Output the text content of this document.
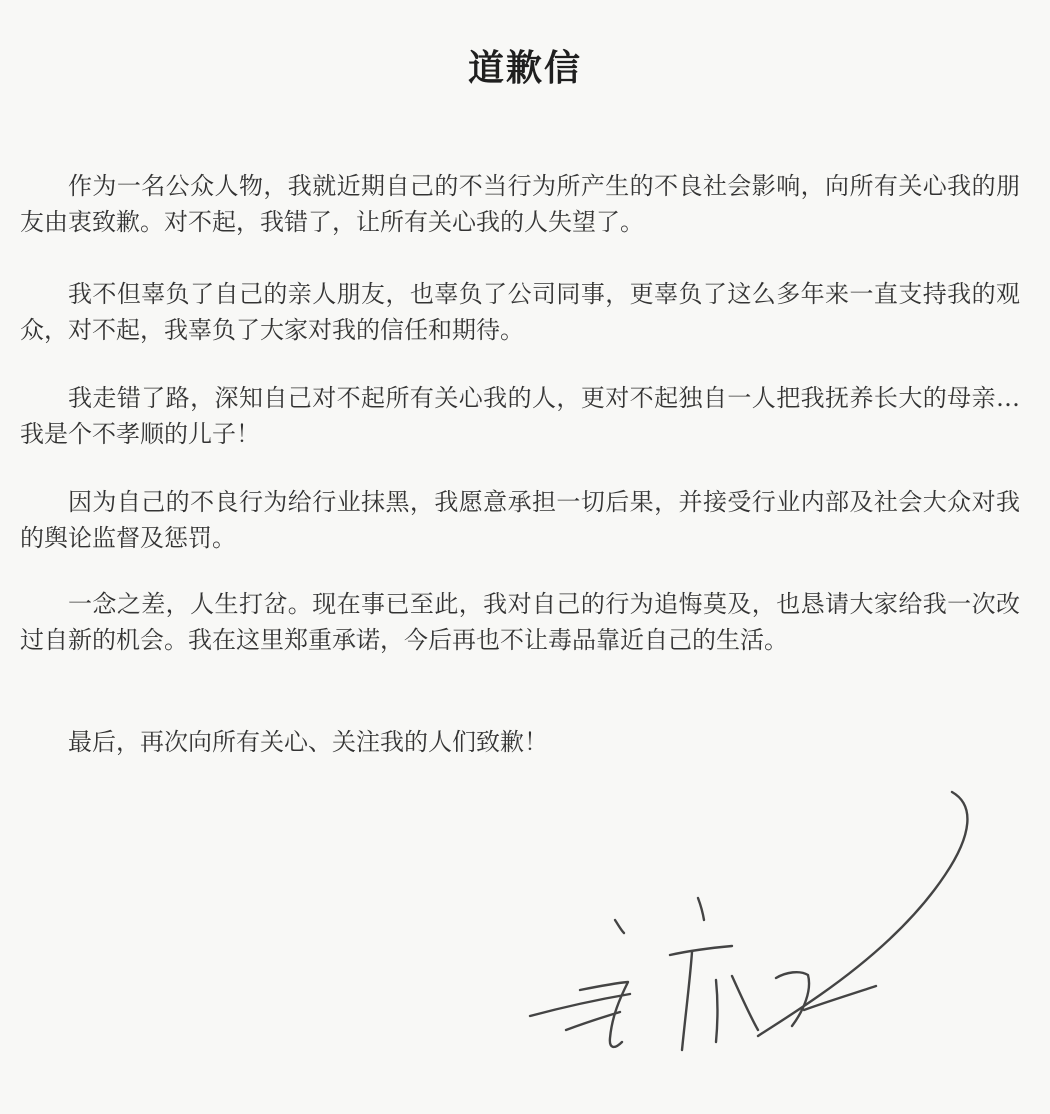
道歉信
作为一名公众人物，我就近期自己的不当行为所产生的不良社会影响，向所有关心我的朋友由衷致歉。对不起，我错了，让所有关心我的人失望了。
我不但辜负了自己的亲人朋友，也辜负了公司同事，更辜负了这么多年来一直支持我的观众，对不起，我辜负了大家对我的信任和期待。
我走错了路，深知自己对不起所有关心我的人，更对不起独自一人把我抚养长大的母亲…我是个不孝顺的儿子！
因为自己的不良行为给行业抹黑，我愿意承担一切后果，并接受行业内部及社会大众对我的舆论监督及惩罚。
一念之差，人生打岔。现在事已至此，我对自己的行为追悔莫及，也恳请大家给我一次改过自新的机会。我在这里郑重承诺，今后再也不让毒品靠近自己的生活。
最后，再次向所有关心、关注我的人们致歉！
